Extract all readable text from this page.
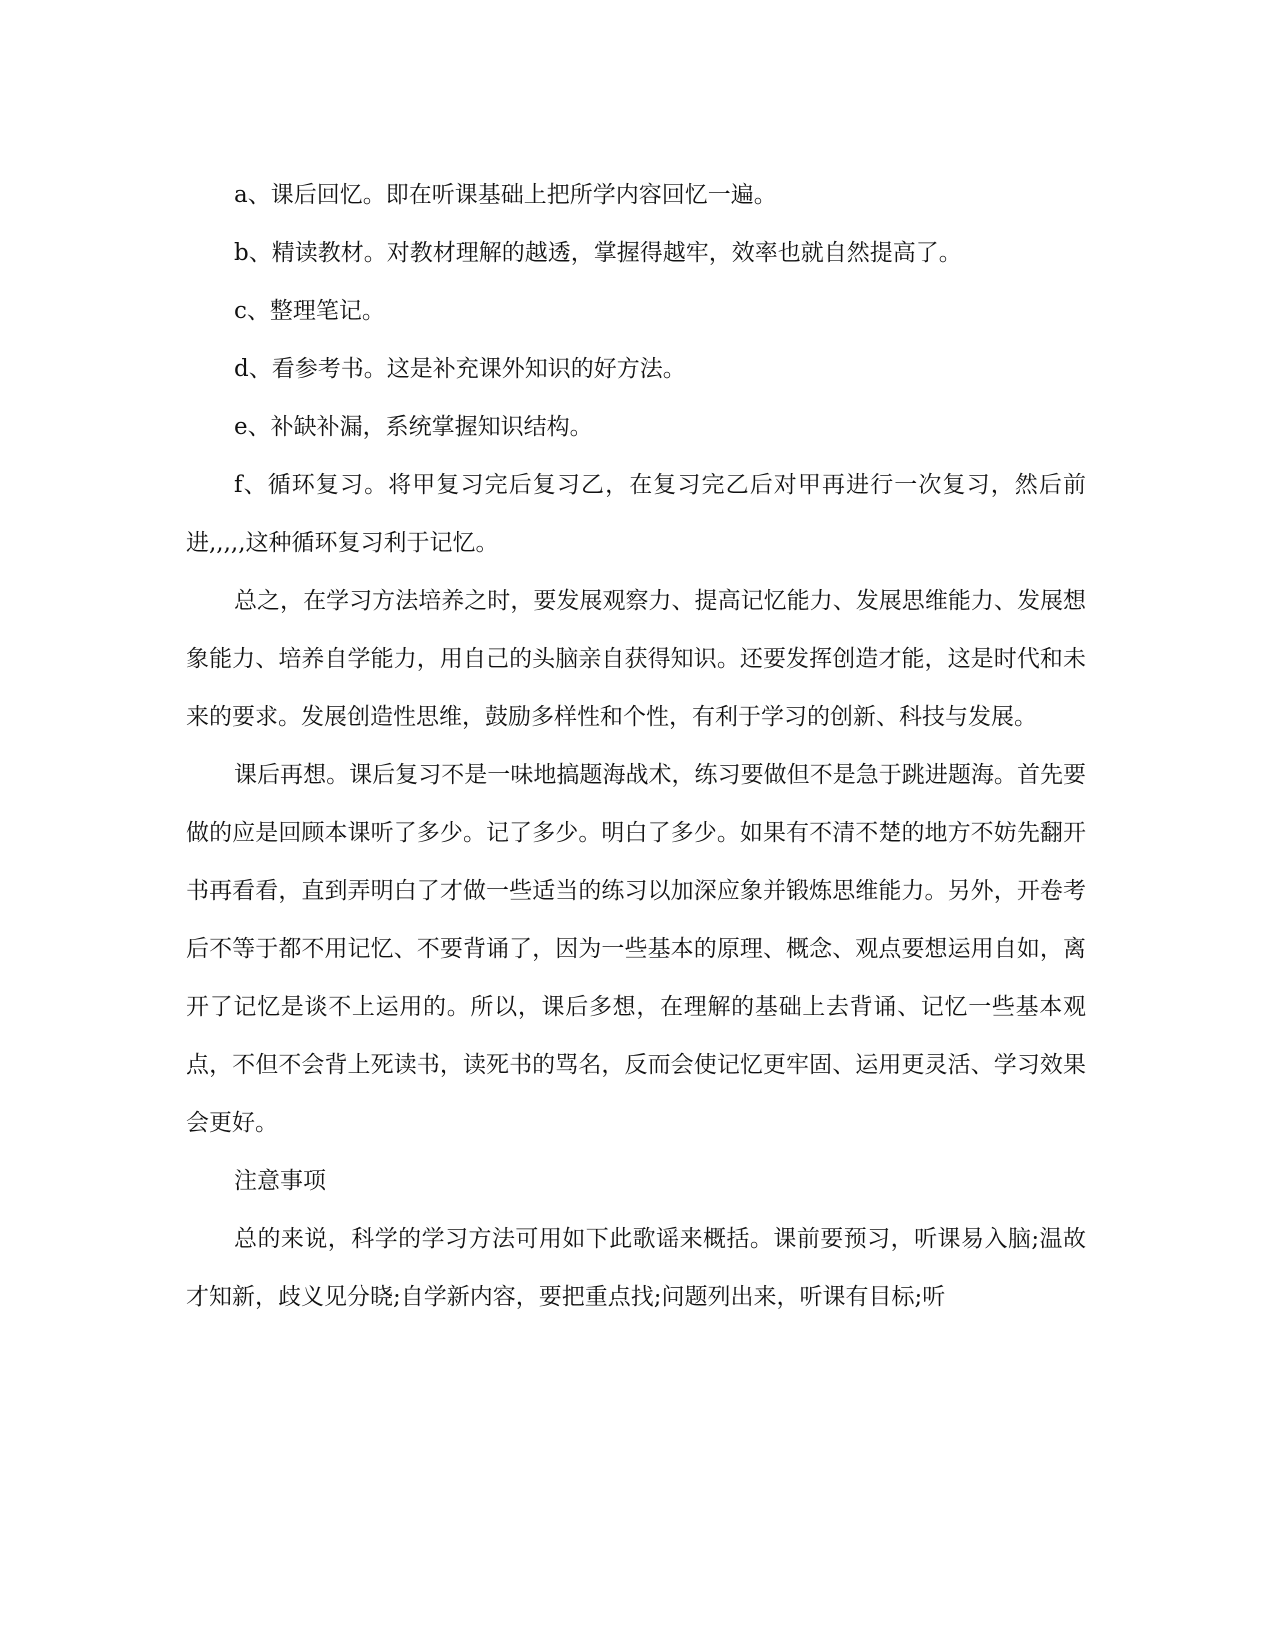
a、课后回忆。即在听课基础上把所学内容回忆一遍。

b、精读教材。对教材理解的越透，掌握得越牢，效率也就自然提高了。

c、整理笔记。

d、看参考书。这是补充课外知识的好方法。

e、补缺补漏，系统掌握知识结构。

f、循环复习。将甲复习完后复习乙，在复习完乙后对甲再进行一次复习，然后前进,,,,,这种循环复习利于记忆。

总之，在学习方法培养之时，要发展观察力、提高记忆能力、发展思维能力、发展想象能力、培养自学能力，用自己的头脑亲自获得知识。还要发挥创造才能，这是时代和未来的要求。发展创造性思维，鼓励多样性和个性，有利于学习的创新、科技与发展。

课后再想。课后复习不是一味地搞题海战术，练习要做但不是急于跳进题海。首先要做的应是回顾本课听了多少。记了多少。明白了多少。如果有不清不楚的地方不妨先翻开书再看看，直到弄明白了才做一些适当的练习以加深应象并锻炼思维能力。另外，开卷考后不等于都不用记忆、不要背诵了，因为一些基本的原理、概念、观点要想运用自如，离开了记忆是谈不上运用的。所以，课后多想，在理解的基础上去背诵、记忆一些基本观点，不但不会背上死读书，读死书的骂名，反而会使记忆更牢固、运用更灵活、学习效果会更好。

注意事项

总的来说，科学的学习方法可用如下此歌谣来概括。课前要预习，听课易入脑;温故才知新，歧义见分晓;自学新内容，要把重点找;问题列出来，听课有目标;听
